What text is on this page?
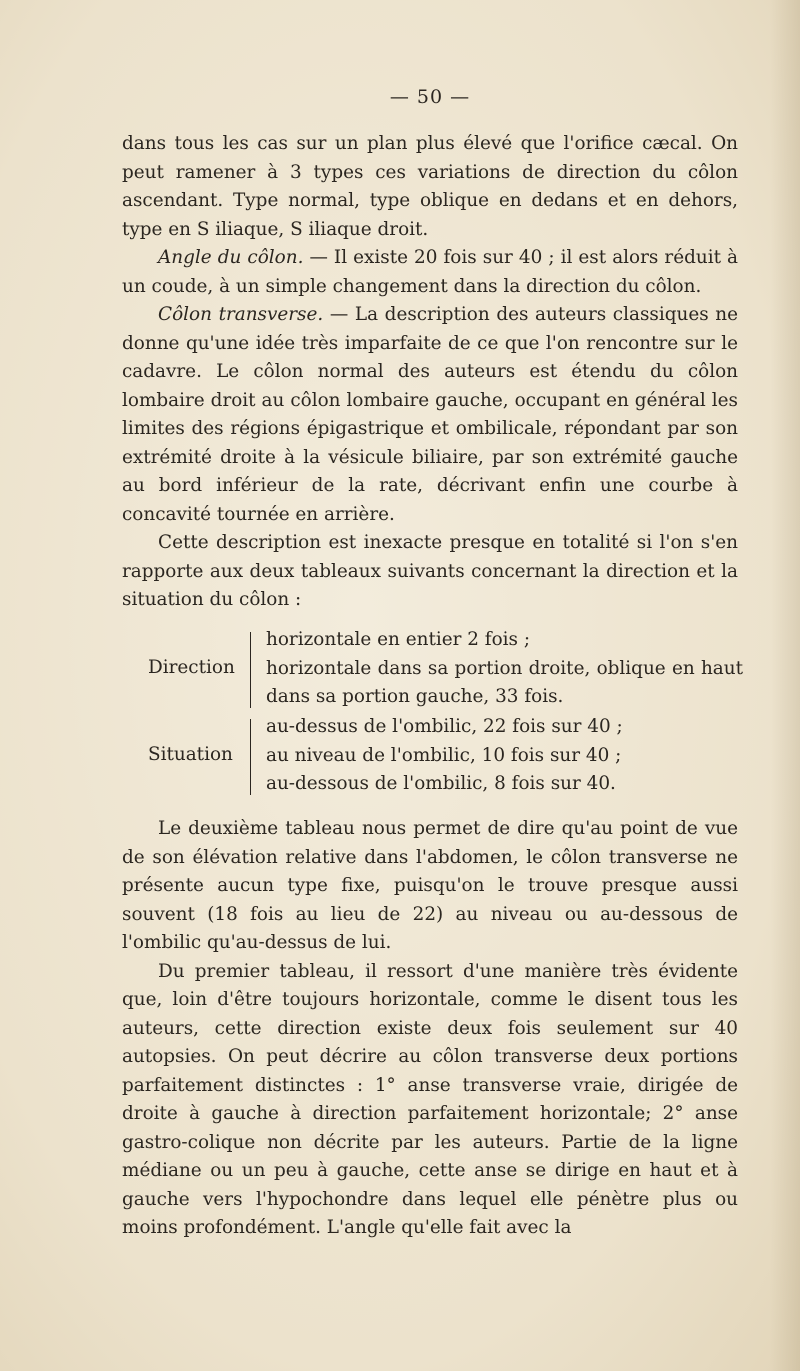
— 50 —

dans tous les cas sur un plan plus élevé que l'orifice cæcal. On peut ramener à 3 types ces variations de direction du côlon ascendant. Type normal, type oblique en dedans et en dehors, type en S iliaque, S iliaque droit.

Angle du côlon. — Il existe 20 fois sur 40 ; il est alors réduit à un coude, à un simple changement dans la direction du côlon.

Côlon transverse. — La description des auteurs classiques ne donne qu'une idée très imparfaite de ce que l'on rencontre sur le cadavre. Le côlon normal des auteurs est étendu du côlon lombaire droit au côlon lombaire gauche, occupant en général les limites des régions épigastrique et ombilicale, répondant par son extrémité droite à la vésicule biliaire, par son extrémité gauche au bord inférieur de la rate, décrivant enfin une courbe à concavité tournée en arrière.

Cette description est inexacte presque en totalité si l'on s'en rapporte aux deux tableaux suivants concernant la direction et la situation du côlon :

Direction
horizontale en entier 2 fois ;
horizontale dans sa portion droite, oblique en haut dans sa portion gauche, 33 fois.
Situation
au-dessus de l'ombilic, 22 fois sur 40 ;
au niveau de l'ombilic, 10 fois sur 40 ;
au-dessous de l'ombilic, 8 fois sur 40.

Le deuxième tableau nous permet de dire qu'au point de vue de son élévation relative dans l'abdomen, le côlon transverse ne présente aucun type fixe, puisqu'on le trouve presque aussi souvent (18 fois au lieu de 22) au niveau ou au-dessous de l'ombilic qu'au-dessus de lui.

Du premier tableau, il ressort d'une manière très évidente que, loin d'être toujours horizontale, comme le disent tous les auteurs, cette direction existe deux fois seulement sur 40 autopsies. On peut décrire au côlon transverse deux portions parfaitement distinctes : 1° anse transverse vraie, dirigée de droite à gauche à direction parfaitement horizontale; 2° anse gastro-colique non décrite par les auteurs. Partie de la ligne médiane ou un peu à gauche, cette anse se dirige en haut et à gauche vers l'hypochondre dans lequel elle pénètre plus ou moins profondément. L'angle qu'elle fait avec la
